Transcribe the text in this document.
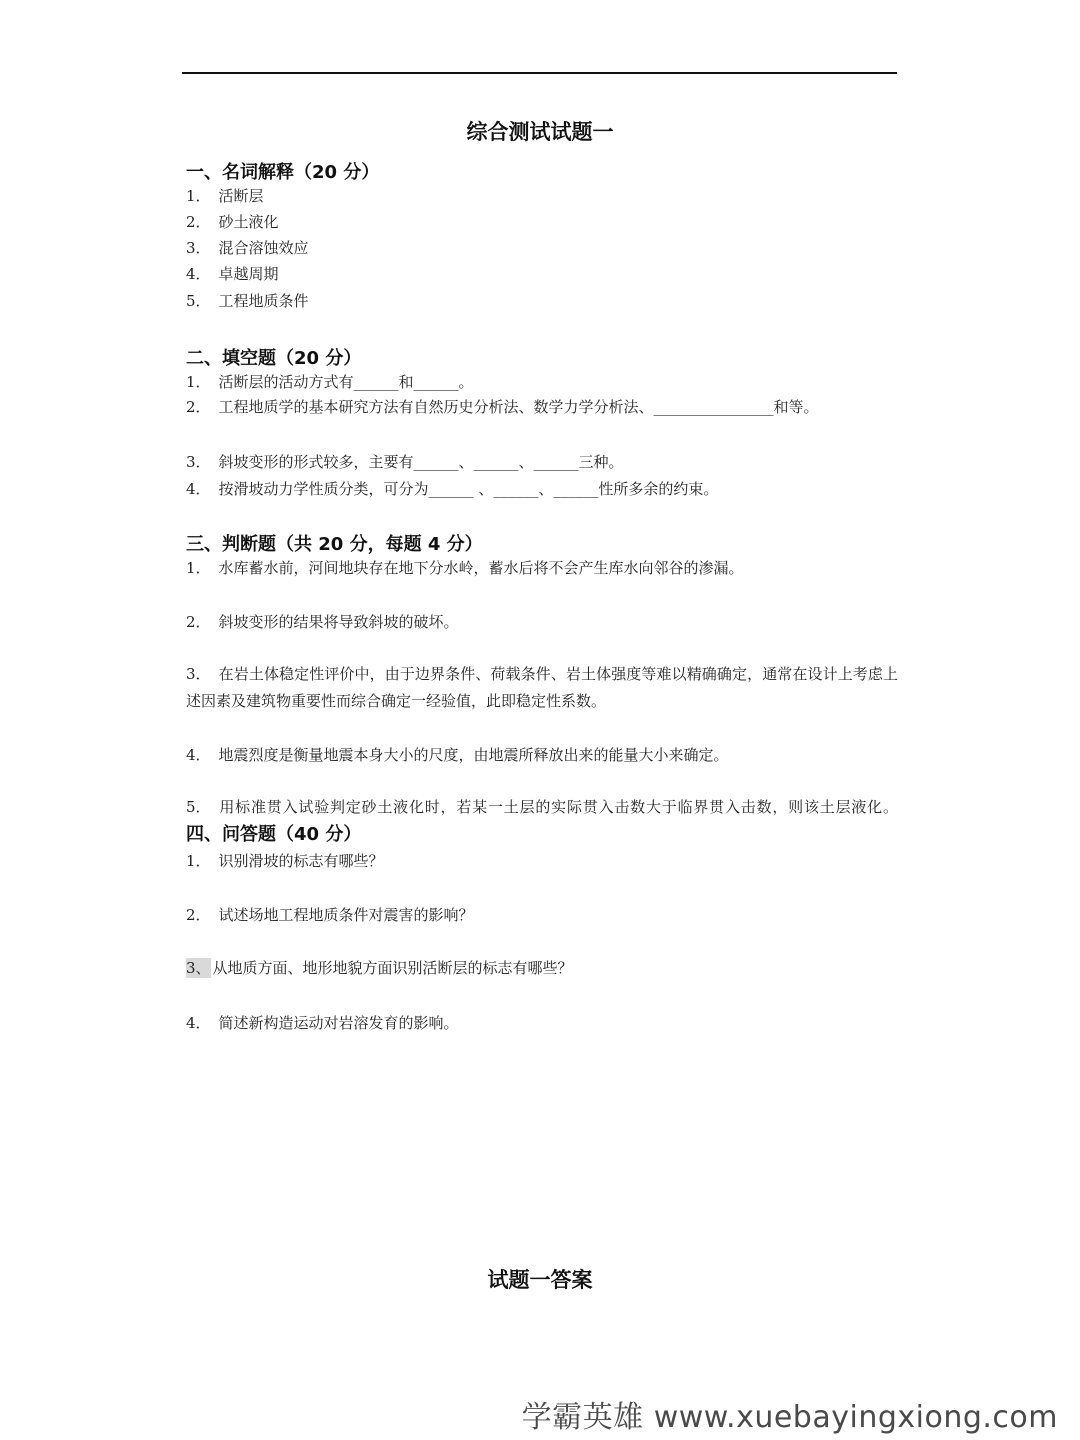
综合测试试题一
一、名词解释（20 分）
1． 活断层
2． 砂土液化
3． 混合溶蚀效应
4． 卓越周期
5． 工程地质条件
二、填空题（20 分）
1． 活断层的活动方式有______和______。
2． 工程地质学的基本研究方法有自然历史分析法、数学力学分析法、________________和等。
3． 斜坡变形的形式较多，主要有______、______、______三种。
4． 按滑坡动力学性质分类，可分为______ 、______、______性所多余的约束。
三、判断题（共 20 分，每题 4 分）
1． 水库蓄水前，河间地块存在地下分水岭，蓄水后将不会产生库水向邻谷的渗漏。
2． 斜坡变形的结果将导致斜坡的破坏。
3． 在岩土体稳定性评价中，由于边界条件、荷载条件、岩土体强度等难以精确确定，通常在设计上考虑上述因素及建筑物重要性而综合确定一经验值，此即稳定性系数。
4． 地震烈度是衡量地震本身大小的尺度，由地震所释放出来的能量大小来确定。
5． 用标准贯入试验判定砂土液化时，若某一土层的实际贯入击数大于临界贯入击数，则该土层液化。四、问答题（40 分）
1． 识别滑坡的标志有哪些？
2． 试述场地工程地质条件对震害的影响？
3、 从地质方面、地形地貌方面识别活断层的标志有哪些？
4． 简述新构造运动对岩溶发育的影响。
试题一答案
学霸英雄 www.xuebayingxiong.com
